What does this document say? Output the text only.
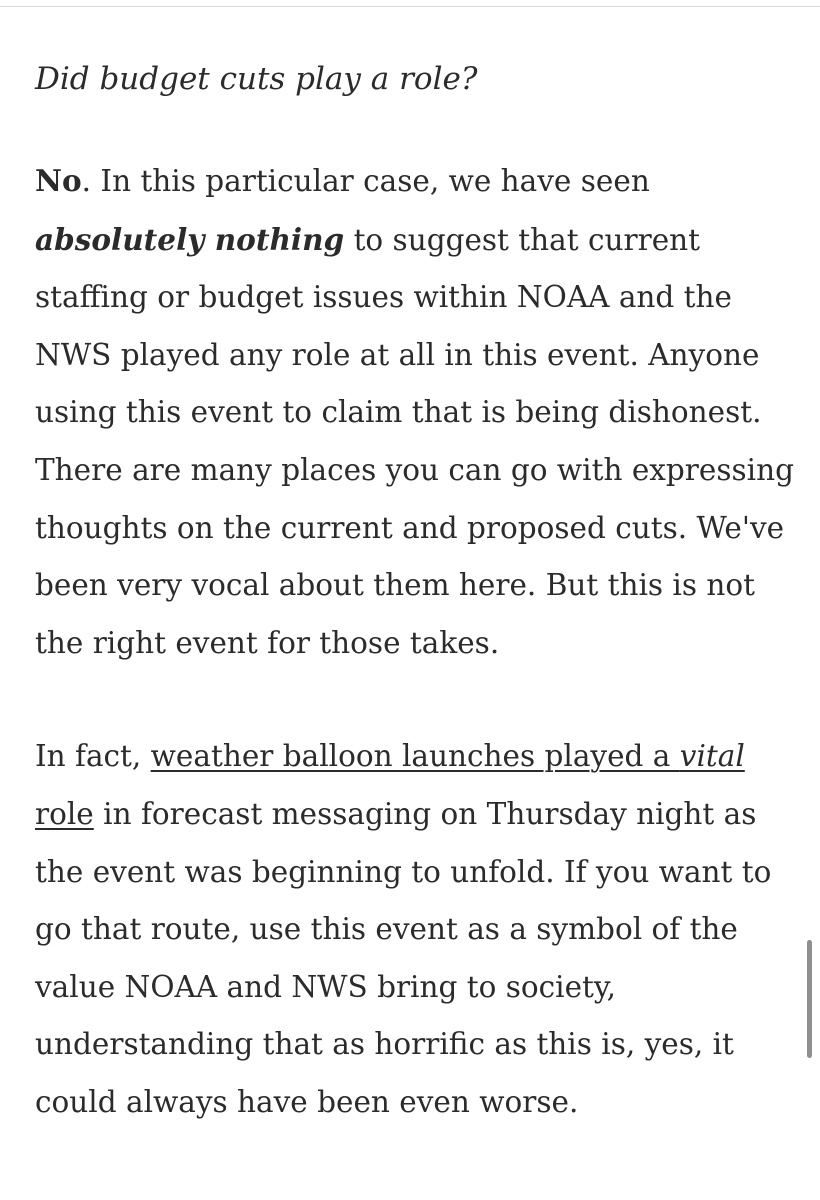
Did budget cuts play a role?

No. In this particular case, we have seen absolutely nothing to suggest that current staffing or budget issues within NOAA and the NWS played any role at all in this event. Anyone using this event to claim that is being dishonest. There are many places you can go with expressing thoughts on the current and proposed cuts. We've been very vocal about them here. But this is not the right event for those takes.

In fact, weather balloon launches played a vital role in forecast messaging on Thursday night as the event was beginning to unfold. If you want to go that route, use this event as a symbol of the value NOAA and NWS bring to society, understanding that as horrific as this is, yes, it could always have been even worse.
